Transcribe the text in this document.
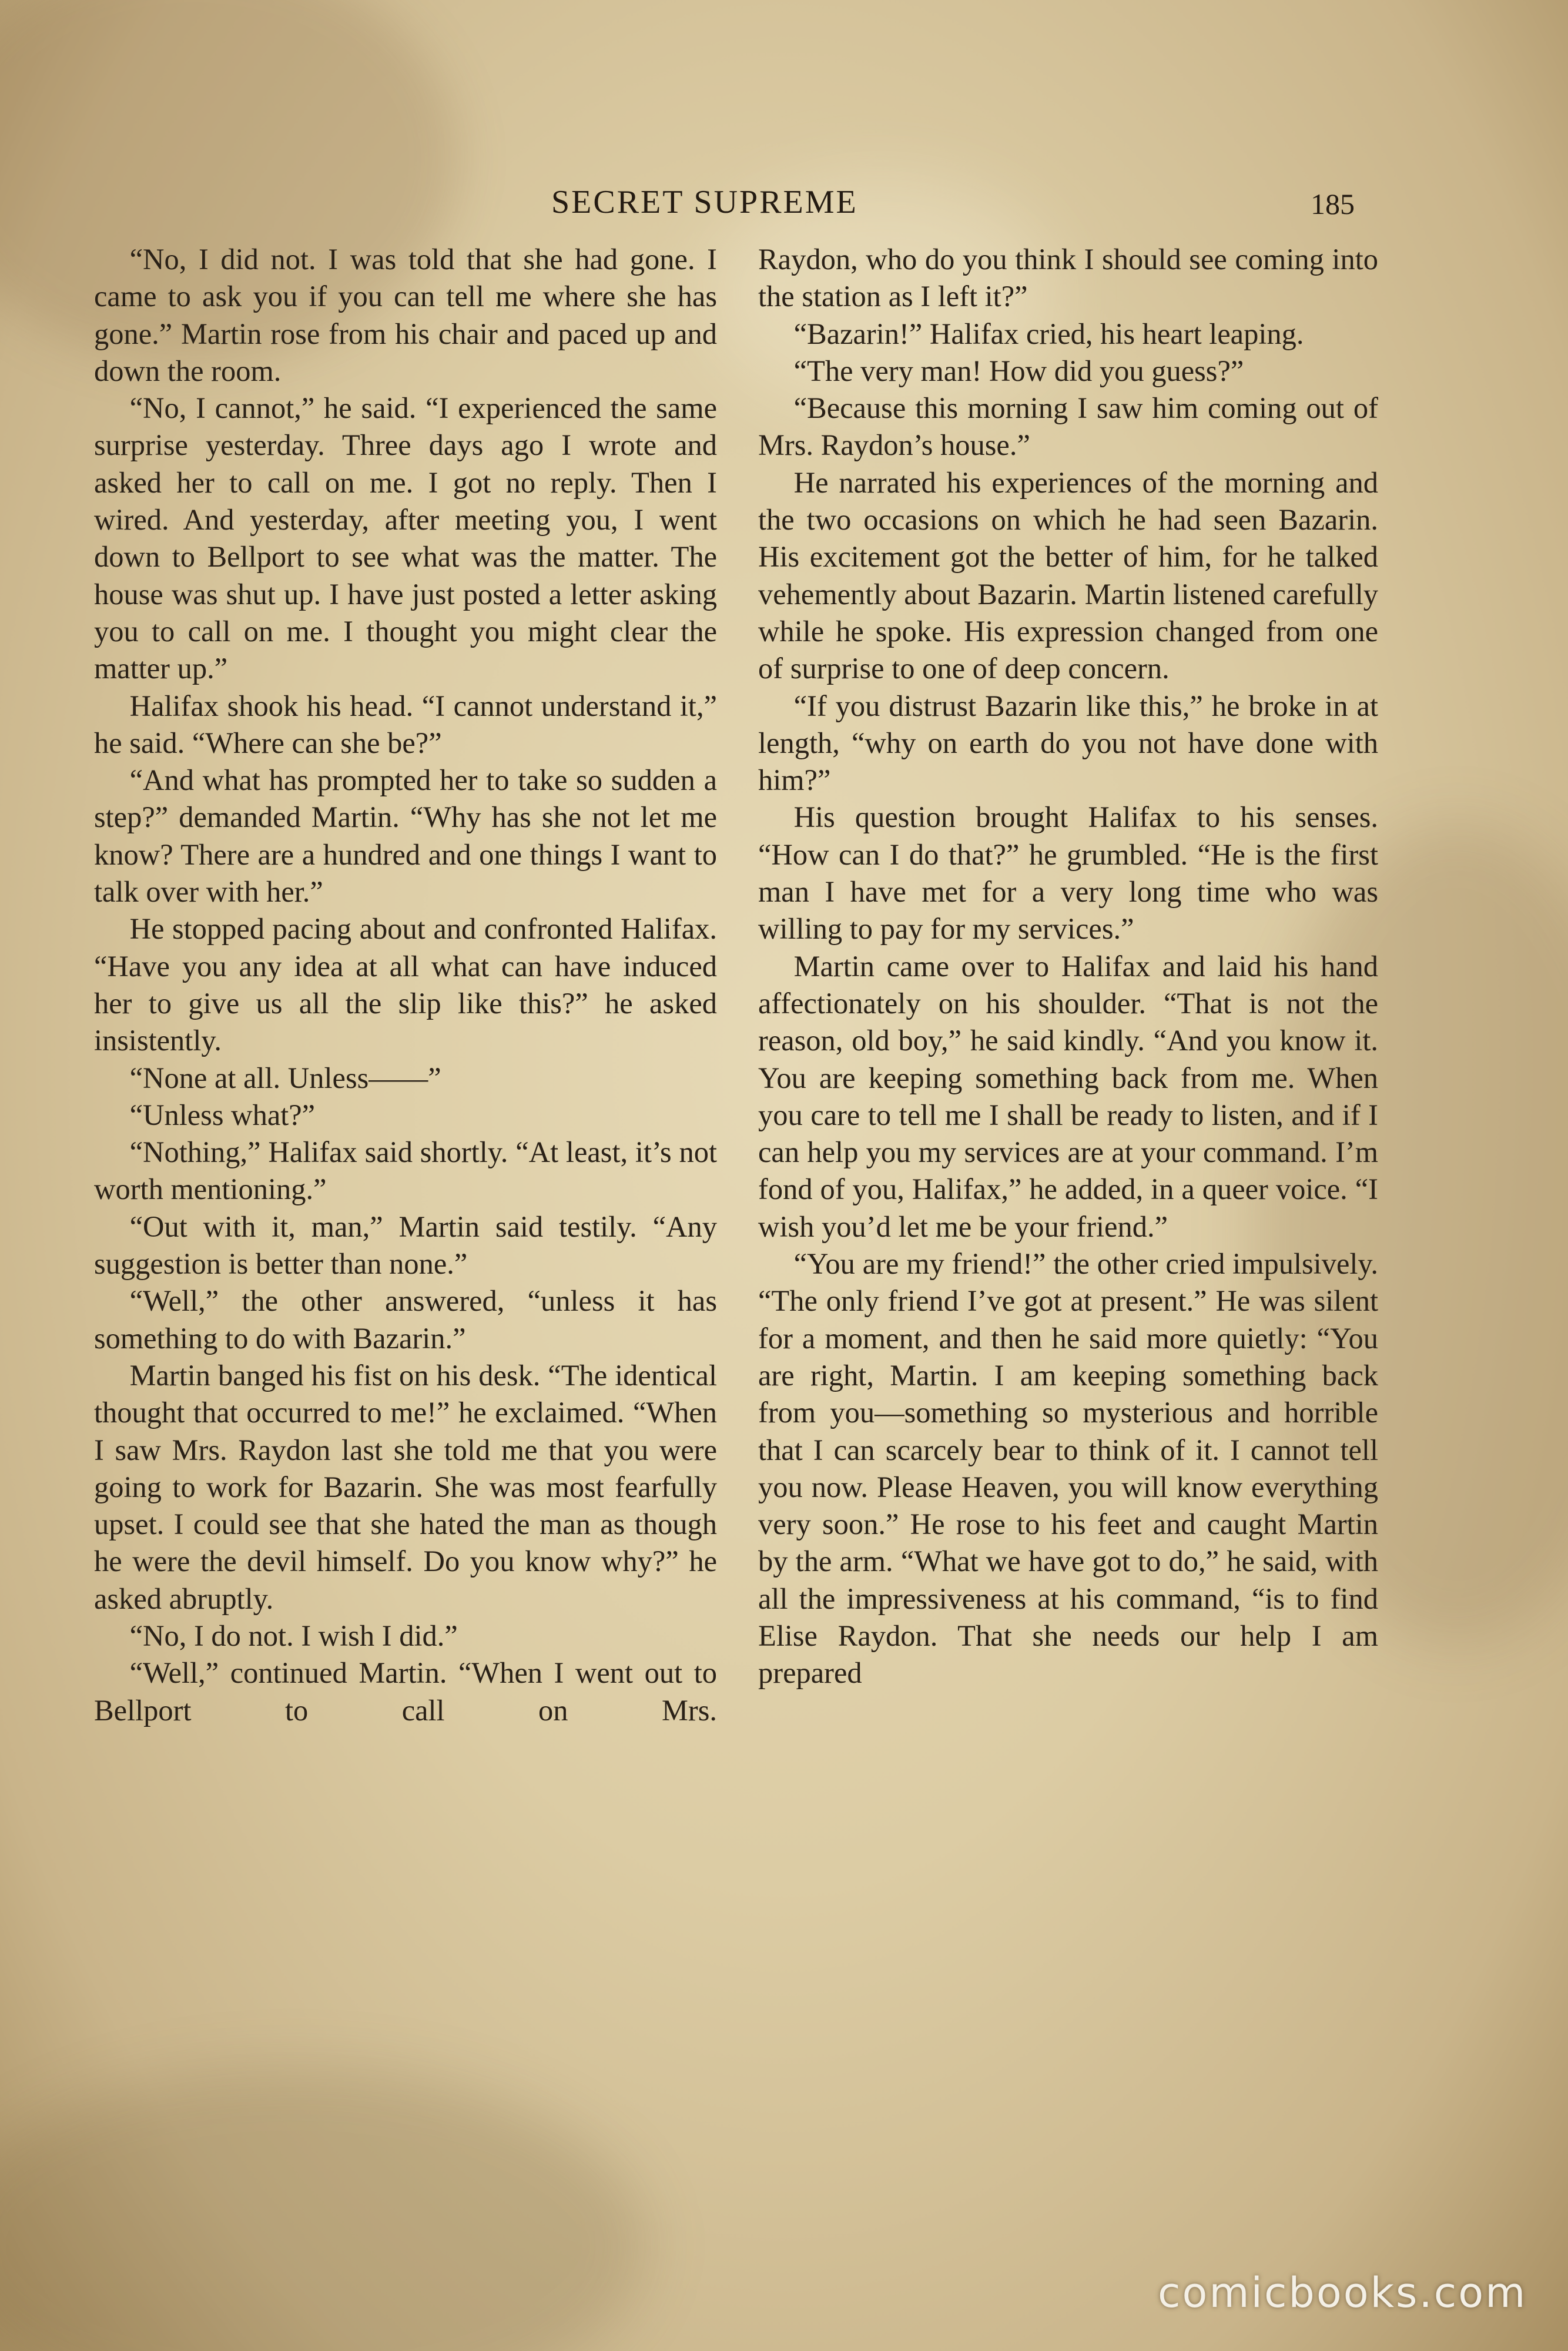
SECRET SUPREME	185

“No, I did not. I was told that she had gone. I came to ask you if you can tell me where she has gone.” Martin rose from his chair and paced up and down the room.

“No, I cannot,” he said. “I experienced the same surprise yesterday. Three days ago I wrote and asked her to call on me. I got no reply. Then I wired. And yesterday, after meeting you, I went down to Bellport to see what was the matter. The house was shut up. I have just posted a letter asking you to call on me. I thought you might clear the matter up.”

Halifax shook his head. “I cannot understand it,” he said. “Where can she be?”

“And what has prompted her to take so sudden a step?” demanded Martin. “Why has she not let me know? There are a hundred and one things I want to talk over with her.”

He stopped pacing about and confronted Halifax. “Have you any idea at all what can have induced her to give us all the slip like this?” he asked insistently.

“None at all. Unless——”

“Unless what?”

“Nothing,” Halifax said shortly. “At least, it’s not worth mentioning.”

“Out with it, man,” Martin said testily. “Any suggestion is better than none.”

“Well,” the other answered, “unless it has something to do with Bazarin.”

Martin banged his fist on his desk. “The identical thought that occurred to me!” he exclaimed. “When I saw Mrs. Raydon last she told me that you were going to work for Bazarin. She was most fearfully upset. I could see that she hated the man as though he were the devil himself. Do you know why?” he asked abruptly.

“No, I do not. I wish I did.”

“Well,” continued Martin. “When I went out to Bellport to call on Mrs.

Raydon, who do you think I should see coming into the station as I left it?”

“Bazarin!” Halifax cried, his heart leaping.

“The very man! How did you guess?”

“Because this morning I saw him coming out of Mrs. Raydon’s house.”

He narrated his experiences of the morning and the two occasions on which he had seen Bazarin. His excitement got the better of him, for he talked vehemently about Bazarin. Martin listened carefully while he spoke. His expression changed from one of surprise to one of deep concern.

“If you distrust Bazarin like this,” he broke in at length, “why on earth do you not have done with him?”

His question brought Halifax to his senses. “How can I do that?” he grumbled. “He is the first man I have met for a very long time who was willing to pay for my services.”

Martin came over to Halifax and laid his hand affectionately on his shoulder. “That is not the reason, old boy,” he said kindly. “And you know it. You are keeping something back from me. When you care to tell me I shall be ready to listen, and if I can help you my services are at your command. I’m fond of you, Halifax,” he added, in a queer voice. “I wish you’d let me be your friend.”

“You are my friend!” the other cried impulsively. “The only friend I’ve got at present.” He was silent for a moment, and then he said more quietly: “You are right, Martin. I am keeping something back from you—something so mysterious and horrible that I can scarcely bear to think of it. I cannot tell you now. Please Heaven, you will know everything very soon.” He rose to his feet and caught Martin by the arm. “What we have got to do,” he said, with all the impressiveness at his command, “is to find Elise Raydon. That she needs our help I am prepared

comicbooks.com
